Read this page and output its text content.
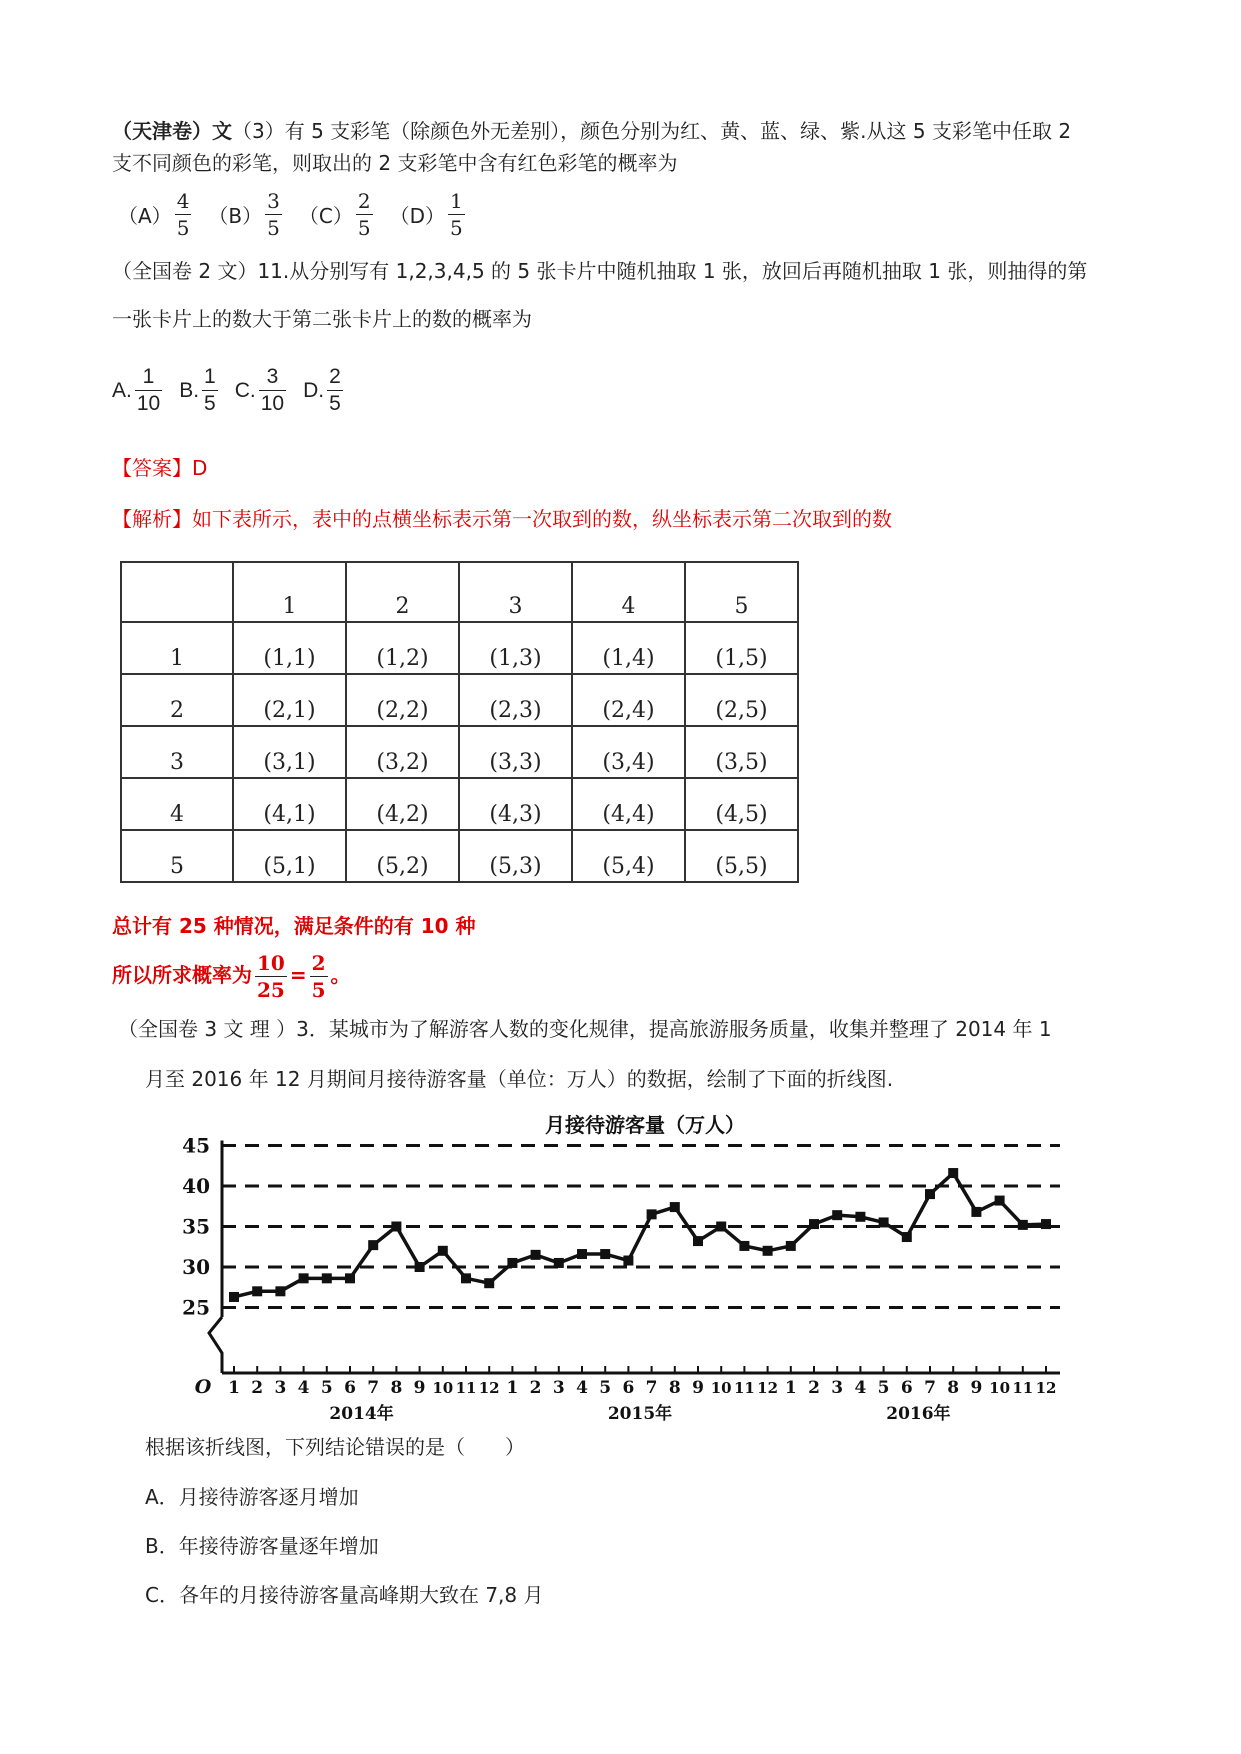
（天津卷）文（3）有 5 支彩笔（除颜色外无差别），颜色分别为红、黄、蓝、绿、紫.从这 5 支彩笔中任取 2
支不同颜色的彩笔，则取出的 2 支彩笔中含有红色彩笔的概率为
$(A) \frac{4}{5} (B) \frac{3}{5} (C) \frac{2}{5} (D) \frac{1}{5}$
（全国卷 2 文）11.从分别写有 1,2,3,4,5 的 5 张卡片中随机抽取 1 张，放回后再随机抽取 1 张，则抽得的第
一张卡片上的数大于第二张卡片上的数的概率为
A. $\frac{1}{10} B$. $\frac{1}{5} C$. $\frac{3}{10} D$. $\frac{2}{5}$
【答案】D
【解析】如下表所示，表中的点横坐标表示第一次取到的数，纵坐标表示第二次取到的数

	1	2	3	4	5

1	(1,1)	(1,2)	(1,3)	(1,4)	(1,5)

2	(2,1)	(2,2)	(2,3)	(2,4)	(2,5)

3	(3,1)	(3,2)	(3,3)	(3,4)	(3,5)

4	(4,1)	(4,2)	(4,3)	(4,4)	(4,5)

5	(5,1)	(5,2)	(5,3)	(5,4)	(5,5)
总计有 25 种情况，满足条件的有 10 种
所以所求概率为 $\frac{10}{25} = \frac{2}{5}$ 。
（全国卷 3 文 理 ）3．某城市为了解游客人数的变化规律，提高旅游服务质量，收集并整理了 2014 年 1
月至 2016 年 12 月期间月接待游客量（单位：万人）的数据，绘制了下面的折线图.
月接待游客量（万人）
25
30
35
40
45
O 1 2 3 4 5 6 7 8 9 10 11 12 1 2 3 4 5 6 7 8 9 10 11 12 1 2 3 4 5 6 7 8 9 10 11 12
2014年	2015年	2016年
根据该折线图，下列结论错误的是（　　）
A．月接待游客逐月增加
B．年接待游客量逐年增加
C．各年的月接待游客量高峰期大致在 7,8 月
